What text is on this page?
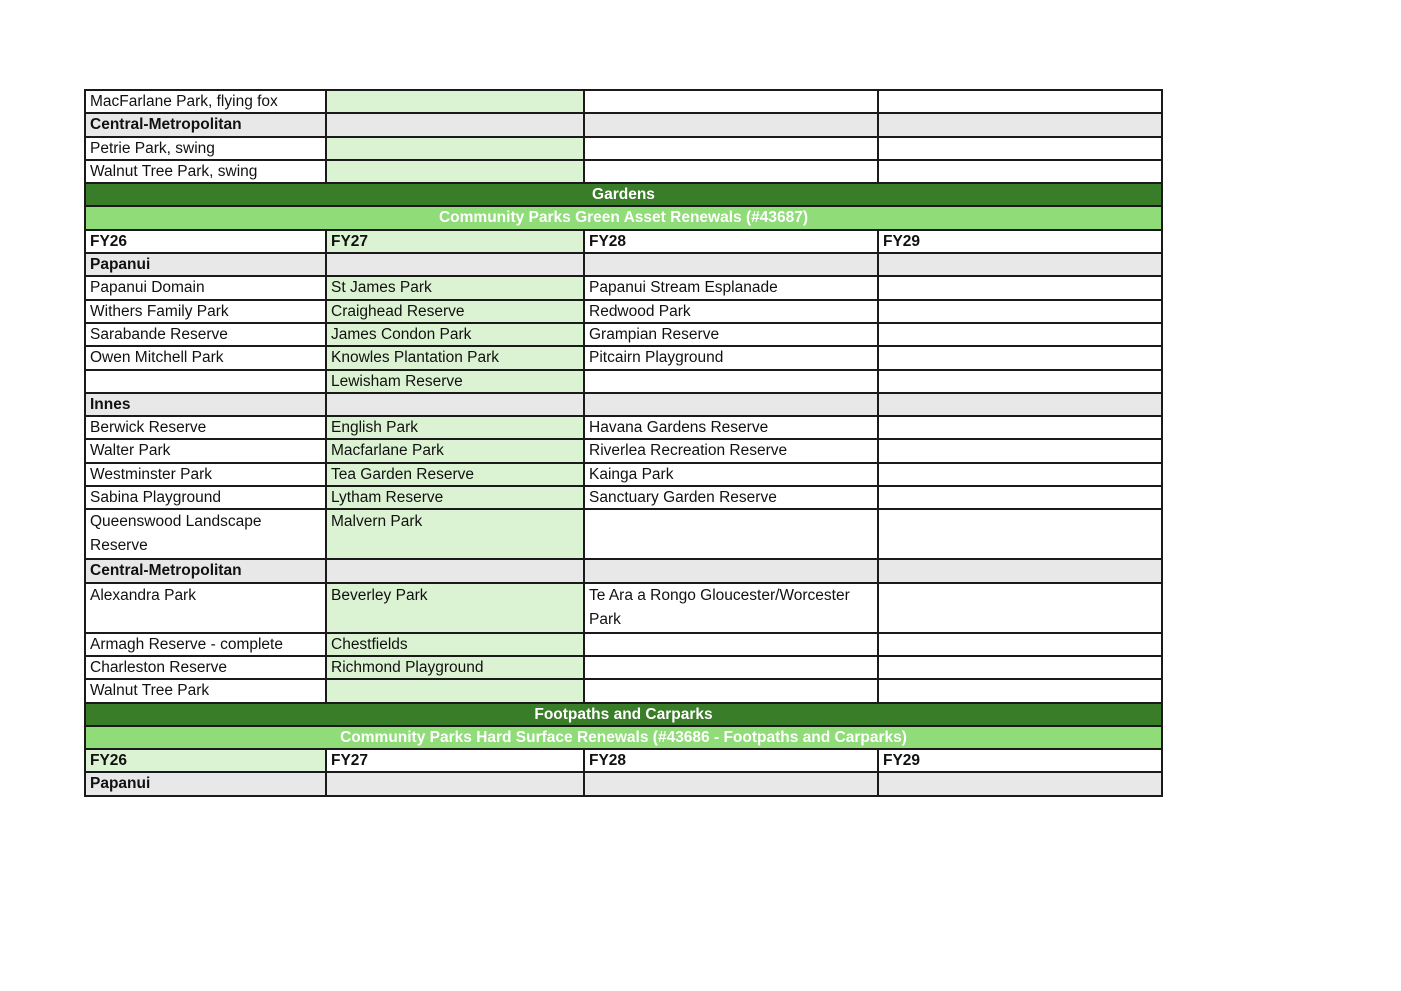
MacFarlane Park, flying fox			
Central-Metropolitan			
Petrie Park, swing			
Walnut Tree Park, swing			
Gardens			
Community Parks Green Asset Renewals (#43687)			
FY26	FY27	FY28	FY29
Papanui			
Papanui Domain	St James Park	Papanui Stream Esplanade	
Withers Family Park	Craighead Reserve	Redwood Park	
Sarabande Reserve	James Condon Park	Grampian Reserve	
Owen Mitchell Park	Knowles Plantation Park	Pitcairn Playground	
	Lewisham Reserve		
Innes			
Berwick Reserve	English Park	Havana Gardens Reserve	
Walter Park	Macfarlane Park	Riverlea Recreation Reserve	
Westminster Park	Tea Garden Reserve	Kainga Park	
Sabina Playground	Lytham Reserve	Sanctuary Garden Reserve	
Queenswood Landscape Reserve	Malvern Park		
Central-Metropolitan			
Alexandra Park	Beverley Park	Te Ara a Rongo Gloucester/Worcester Park	
Armagh Reserve - complete	Chestfields		
Charleston Reserve	Richmond Playground		
Walnut Tree Park			
Footpaths and Carparks			
Community Parks Hard Surface Renewals (#43686 - Footpaths and Carparks)			
FY26	FY27	FY28	FY29
Papanui			
